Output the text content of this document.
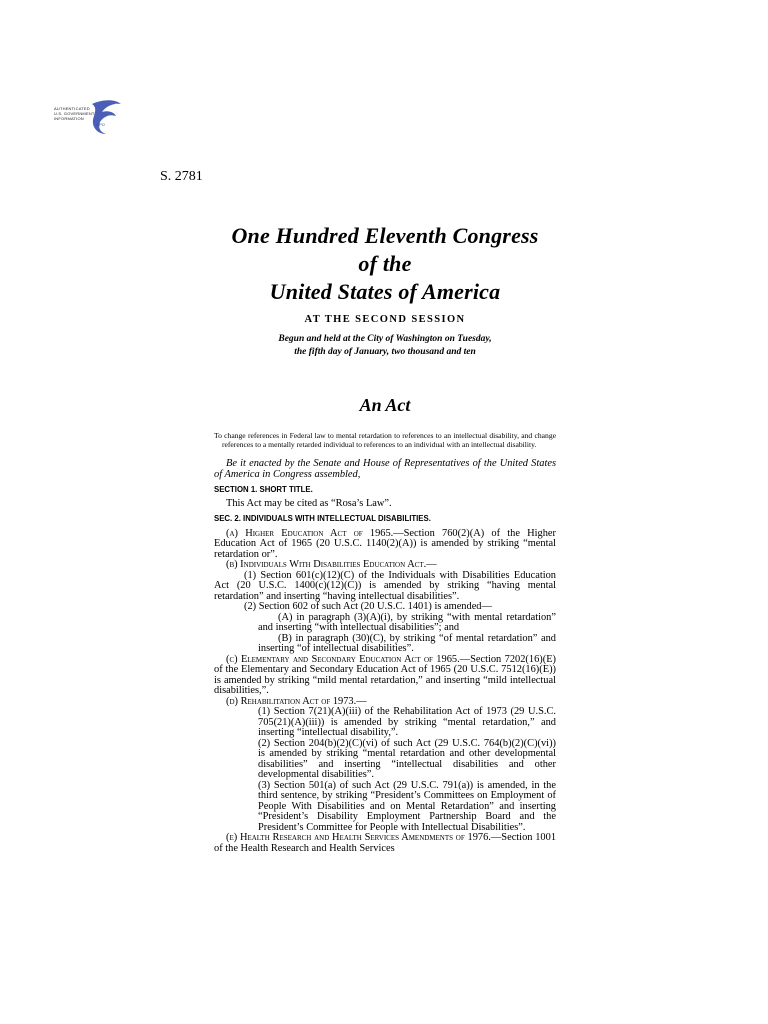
AUTHENTICATED U.S. GOVERNMENT INFORMATION
GPO
S. 2781
One Hundred Eleventh Congress
of the
United States of America
AT THE SECOND SESSION
Begun and held at the City of Washington on Tuesday,
the fifth day of January, two thousand and ten
An Act

To change references in Federal law to mental retardation to references to an intellectual disability, and change references to a mentally retarded individual to references to an individual with an intellectual disability.

Be it enacted by the Senate and House of Representatives of the United States of America in Congress assembled,

SECTION 1. SHORT TITLE.

This Act may be cited as “Rosa’s Law”.

SEC. 2. INDIVIDUALS WITH INTELLECTUAL DISABILITIES.

(a) Higher Education Act of 1965.—Section 760(2)(A) of the Higher Education Act of 1965 (20 U.S.C. 1140(2)(A)) is amended by striking “mental retardation or”.

(b) Individuals With Disabilities Education Act.—

(1) Section 601(c)(12)(C) of the Individuals with Disabilities Education Act (20 U.S.C. 1400(c)(12)(C)) is amended by striking “having mental retardation” and inserting “having intellectual disabilities”.

(2) Section 602 of such Act (20 U.S.C. 1401) is amended—

(A) in paragraph (3)(A)(i), by striking “with mental retardation” and inserting “with intellectual disabilities”; and

(B) in paragraph (30)(C), by striking “of mental retardation” and inserting “of intellectual disabilities”.

(c) Elementary and Secondary Education Act of 1965.—Section 7202(16)(E) of the Elementary and Secondary Education Act of 1965 (20 U.S.C. 7512(16)(E)) is amended by striking “mild mental retardation,” and inserting “mild intellectual disabilities,”.

(d) Rehabilitation Act of 1973.—

(1) Section 7(21)(A)(iii) of the Rehabilitation Act of 1973 (29 U.S.C. 705(21)(A)(iii)) is amended by striking “mental retardation,” and inserting “intellectual disability,”.

(2) Section 204(b)(2)(C)(vi) of such Act (29 U.S.C. 764(b)(2)(C)(vi)) is amended by striking “mental retardation and other developmental disabilities” and inserting “intellectual disabilities and other developmental disabilities”.

(3) Section 501(a) of such Act (29 U.S.C. 791(a)) is amended, in the third sentence, by striking “President’s Committees on Employment of People With Disabilities and on Mental Retardation” and inserting “President’s Disability Employment Partnership Board and the President’s Committee for People with Intellectual Disabilities”.

(e) Health Research and Health Services Amendments of 1976.—Section 1001 of the Health Research and Health Services
